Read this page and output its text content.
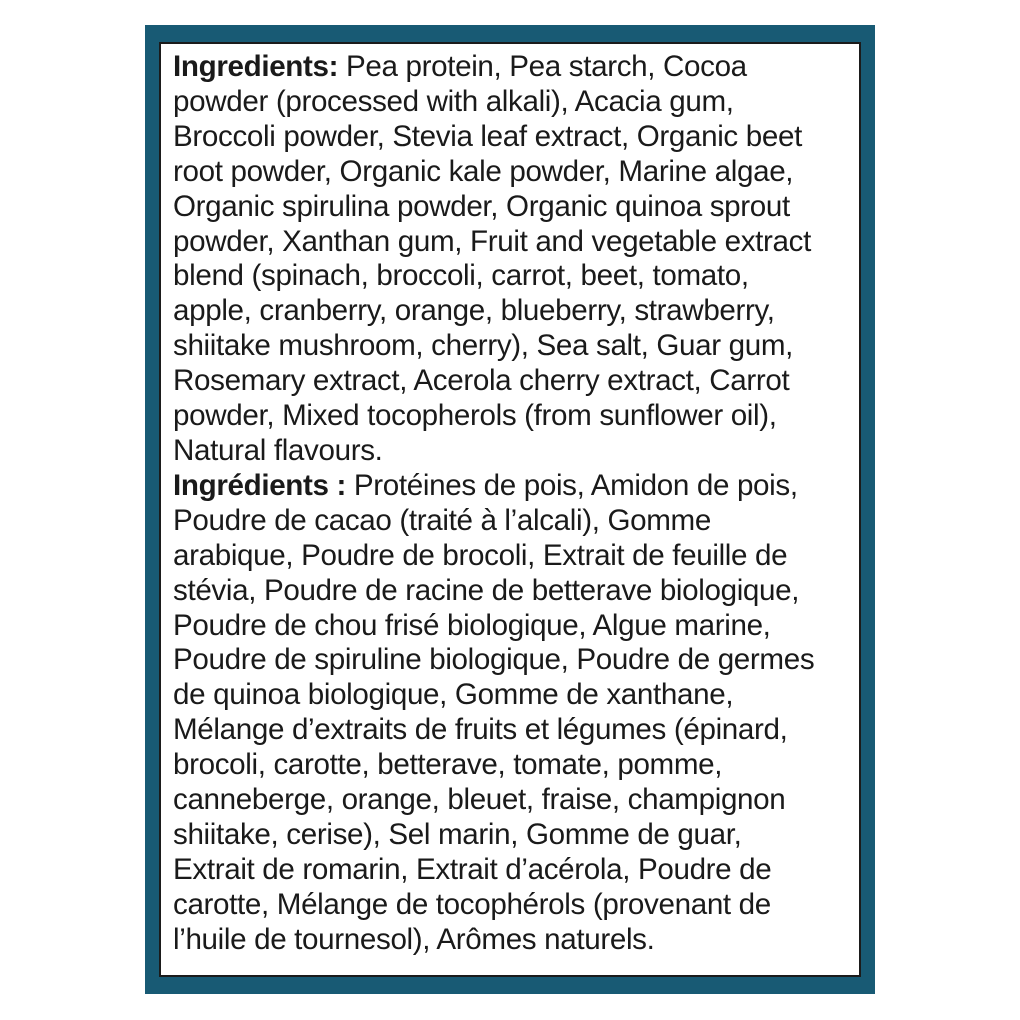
Ingredients: Pea protein, Pea starch, Cocoa
powder (processed with alkali), Acacia gum,
Broccoli powder, Stevia leaf extract, Organic beet
root powder, Organic kale powder, Marine algae,
Organic spirulina powder, Organic quinoa sprout
powder, Xanthan gum, Fruit and vegetable extract
blend (spinach, broccoli, carrot, beet, tomato,
apple, cranberry, orange, blueberry, strawberry,
shiitake mushroom, cherry), Sea salt, Guar gum,
Rosemary extract, Acerola cherry extract, Carrot
powder, Mixed tocopherols (from sunflower oil),
Natural flavours.
Ingrédients : Protéines de pois, Amidon de pois,
Poudre de cacao (traité à l’alcali), Gomme
arabique, Poudre de brocoli, Extrait de feuille de
stévia, Poudre de racine de betterave biologique,
Poudre de chou frisé biologique, Algue marine,
Poudre de spiruline biologique, Poudre de germes
de quinoa biologique, Gomme de xanthane,
Mélange d’extraits de fruits et légumes (épinard,
brocoli, carotte, betterave, tomate, pomme,
canneberge, orange, bleuet, fraise, champignon
shiitake, cerise), Sel marin, Gomme de guar,
Extrait de romarin, Extrait d’acérola, Poudre de
carotte, Mélange de tocophérols (provenant de
l’huile de tournesol), Arômes naturels.
